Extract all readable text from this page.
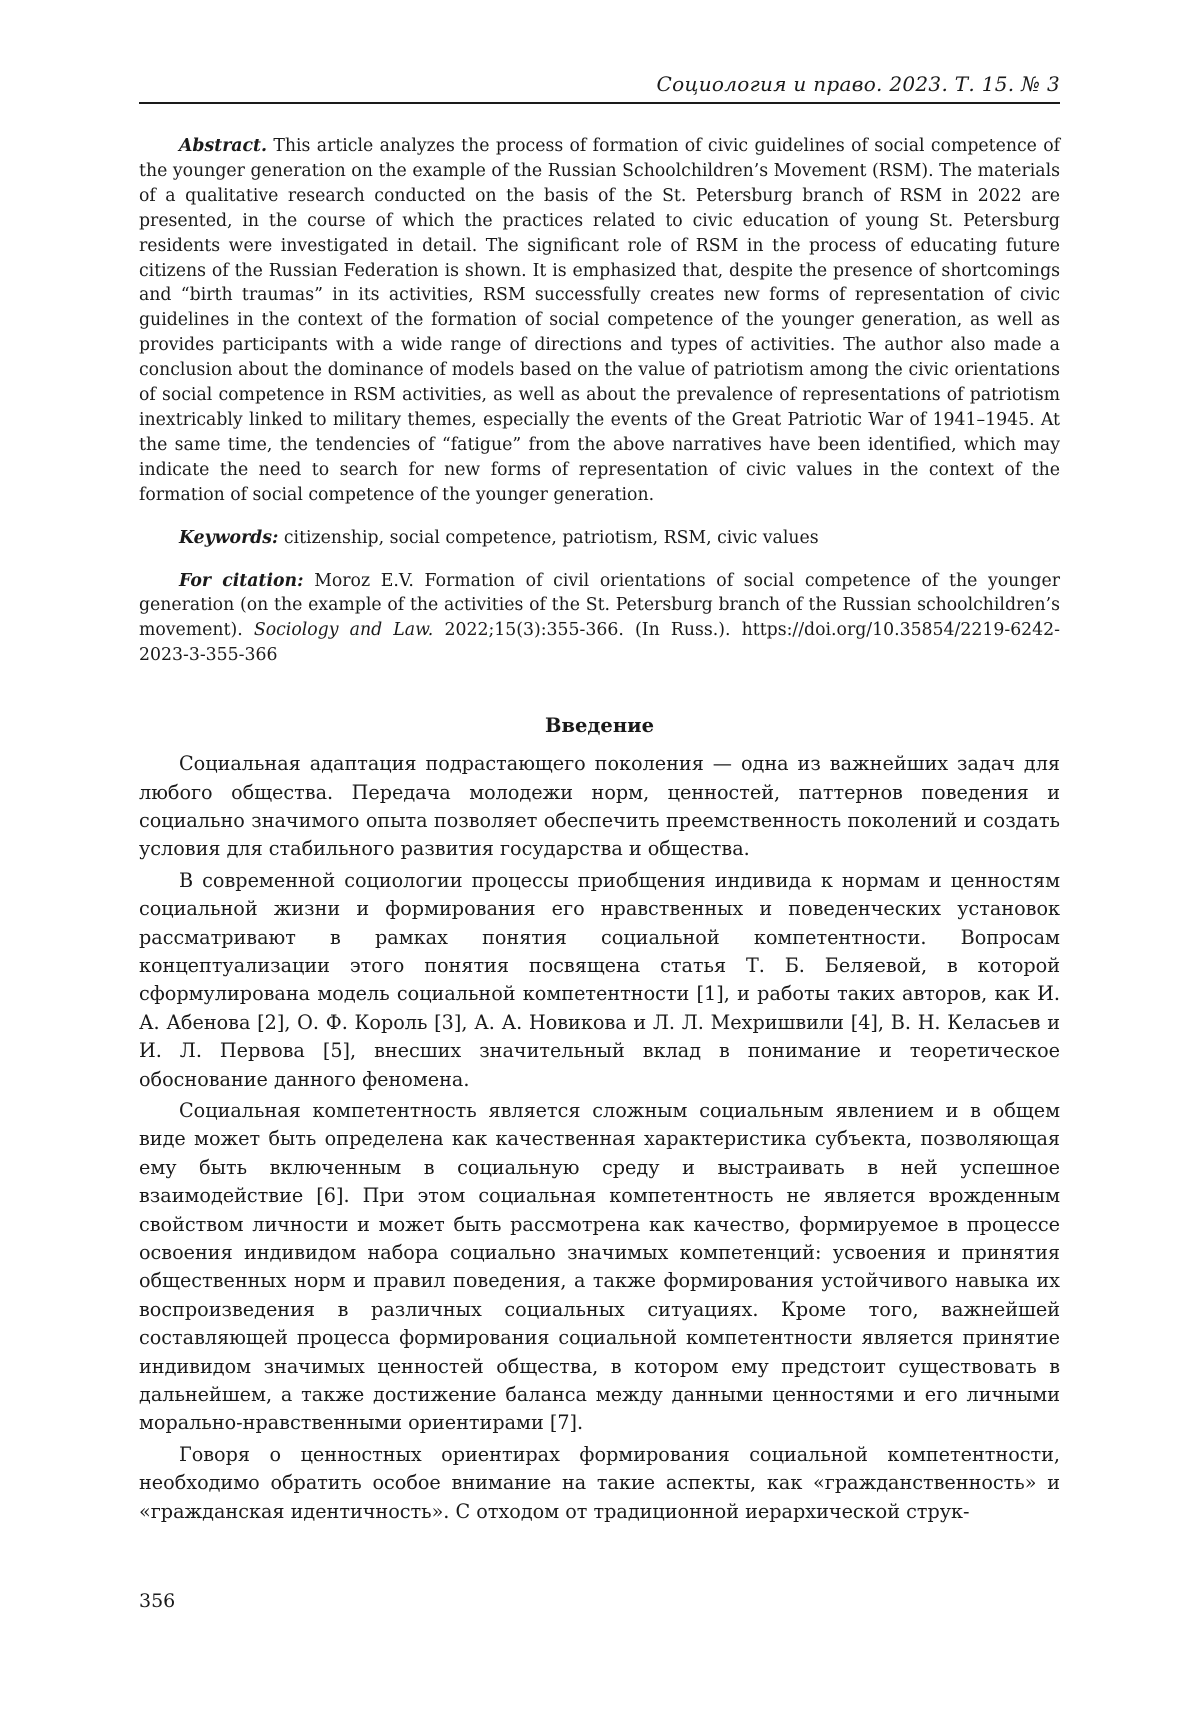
Социология и право. 2023. Т. 15. № 3

Abstract. This article analyzes the process of formation of civic guidelines of social competence of the younger generation on the example of the Russian Schoolchildren’s Movement (RSM). The materials of a qualitative research conducted on the basis of the St. Petersburg branch of RSM in 2022 are presented, in the course of which the practices related to civic education of young St. Petersburg residents were investigated in detail. The significant role of RSM in the process of educating future citizens of the Russian Federation is shown. It is emphasized that, despite the presence of shortcomings and “birth traumas” in its activities, RSM successfully creates new forms of representation of civic guidelines in the context of the formation of social competence of the younger generation, as well as provides participants with a wide range of directions and types of activities. The author also made a conclusion about the dominance of models based on the value of patriotism among the civic orientations of social competence in RSM activities, as well as about the prevalence of representations of patriotism inextricably linked to military themes, especially the events of the Great Patriotic War of 1941–1945. At the same time, the tendencies of “fatigue” from the above narratives have been identified, which may indicate the need to search for new forms of representation of civic values in the context of the formation of social competence of the younger generation.

Keywords: citizenship, social competence, patriotism, RSM, civic values

For citation: Moroz E.V. Formation of civil orientations of social competence of the younger generation (on the example of the activities of the St. Petersburg branch of the Russian schoolchildren’s movement). Sociology and Law. 2022;15(3):355-366. (In Russ.). https://doi.org/10.35854/2219-6242-2023-3-355-366

Введение

Социальная адаптация подрастающего поколения — одна из важнейших задач для любого общества. Передача молодежи норм, ценностей, паттернов поведения и социально значимого опыта позволяет обеспечить преемственность поколений и создать условия для стабильного развития государства и общества.

В современной социологии процессы приобщения индивида к нормам и ценностям социальной жизни и формирования его нравственных и поведенческих установок рассматривают в рамках понятия социальной компетентности. Вопросам концептуализации этого понятия посвящена статья Т. Б. Беляевой, в которой сформулирована модель социальной компетентности [1], и работы таких авторов, как И. А. Абенова [2], О. Ф. Король [3], А. А. Новикова и Л. Л. Мехришвили [4], В. Н. Келасьев и И. Л. Первова [5], внесших значительный вклад в понимание и теоретическое обоснование данного феномена.

Социальная компетентность является сложным социальным явлением и в общем виде может быть определена как качественная характеристика субъекта, позволяющая ему быть включенным в социальную среду и выстраивать в ней успешное взаимодействие [6]. При этом социальная компетентность не является врожденным свойством личности и может быть рассмотрена как качество, формируемое в процессе освоения индивидом набора социально значимых компетенций: усвоения и принятия общественных норм и правил поведения, а также формирования устойчивого навыка их воспроизведения в различных социальных ситуациях. Кроме того, важнейшей составляющей процесса формирования социальной компетентности является принятие индивидом значимых ценностей общества, в котором ему предстоит существовать в дальнейшем, а также достижение баланса между данными ценностями и его личными морально-нравственными ориентирами [7].

Говоря о ценностных ориентирах формирования социальной компетентности, необходимо обратить особое внимание на такие аспекты, как «гражданственность» и «гражданская идентичность». С отходом от традиционной иерархической струк-

356
